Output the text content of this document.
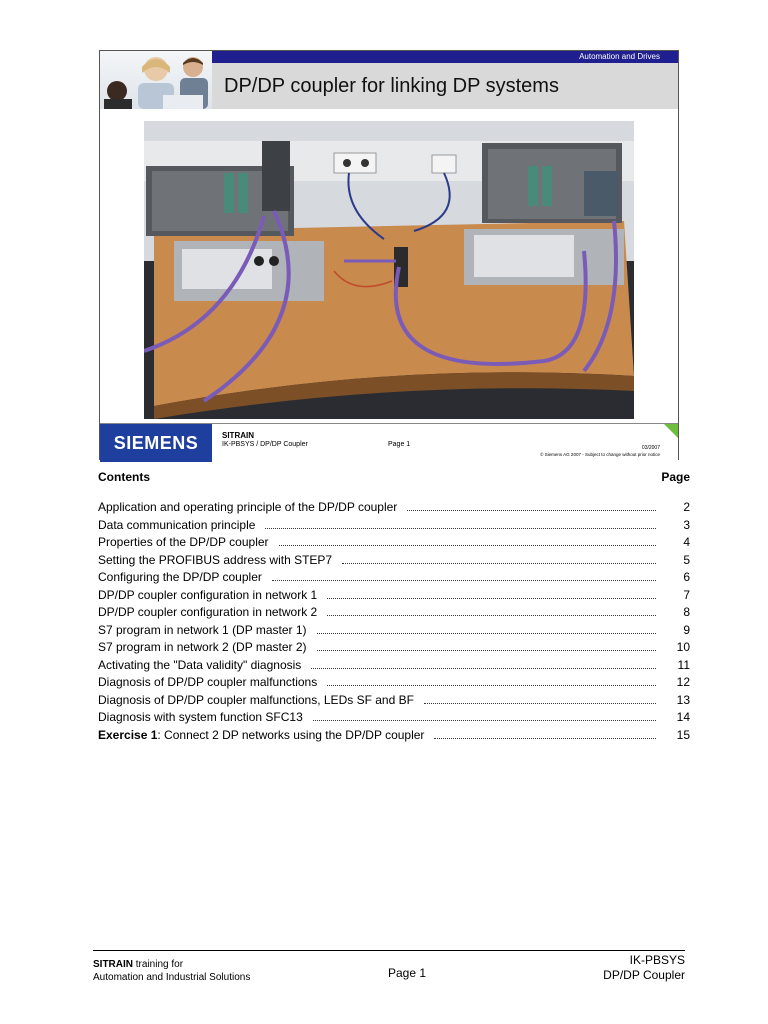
Automation and Drives
DP/DP coupler for linking DP systems
SIEMENS	SITRAIN
IK-PBSYS / DP/DP Coupler	Page 1	03/2007
© Siemens AG 2007 - Subject to change without prior notice
Contents	Page
Application and operating principle of the DP/DP coupler	2
Data communication principle	3
Properties of the DP/DP coupler	4
Setting the PROFIBUS address with STEP7	5
Configuring the DP/DP coupler	6
DP/DP coupler configuration in network 1	7
DP/DP coupler configuration in network 2	8
S7 program in network 1 (DP master 1)	9
S7 program in network 2 (DP master 2)	10
Activating the "Data validity" diagnosis	11
Diagnosis of DP/DP coupler malfunctions	12
Diagnosis of DP/DP coupler malfunctions, LEDs SF and BF	13
Diagnosis with system function SFC13	14
Exercise 1: Connect 2 DP networks using the DP/DP coupler	15
SITRAIN training for
Automation and Industrial Solutions	Page 1
IK-PBSYS
DP/DP Coupler
